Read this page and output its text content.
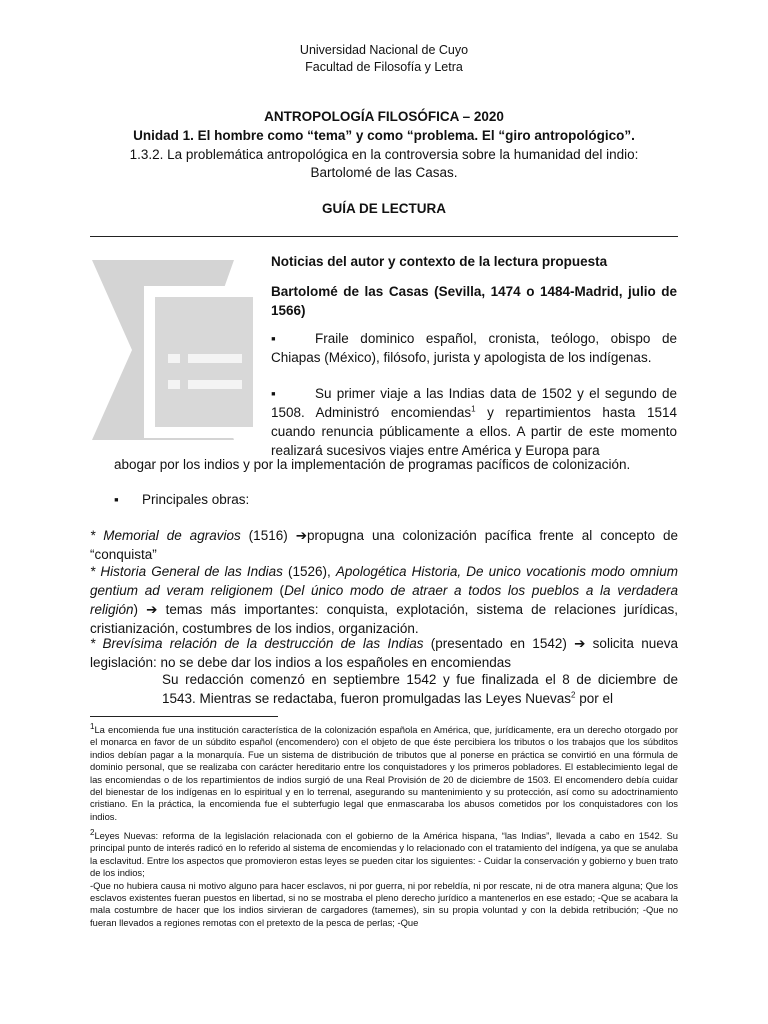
Universidad Nacional de Cuyo
Facultad de Filosofía y Letra
ANTROPOLOGÍA FILOSÓFICA – 2020
Unidad 1. El hombre como “tema” y como “problema. El “giro antropológico”.
1.3.2. La problemática antropológica en la controversia sobre la humanidad del indio:
Bartolomé de las Casas.
GUÍA DE LECTURA
Noticias del autor y contexto de la lectura propuesta
Bartolomé de las Casas (Sevilla, 1474 o 1484-Madrid, julio de 1566)
▪	Fraile dominico español, cronista, teólogo, obispo de Chiapas (México), filósofo, jurista y apologista de los indígenas.
▪	Su primer viaje a las Indias data de 1502 y el segundo de 1508. Administró encomiendas$^1$ y repartimientos hasta 1514 cuando renuncia públicamente a ellos. A partir de este momento realizará sucesivos viajes entre América y Europa para
abogar por los indios y por la implementación de programas pacíficos de colonización.
▪ Principales obras:
* Memorial de agravios (1516) ➔propugna una colonización pacífica frente al concepto de “conquista”
* Historia General de las Indias (1526), Apologética Historia, De unico vocationis modo omnium gentium ad veram religionem (Del único modo de atraer a todos los pueblos a la verdadera religión) ➔ temas más importantes: conquista, explotación, sistema de relaciones jurídicas, cristianización, costumbres de los indios, organización.
* Brevísima relación de la destrucción de las Indias (presentado en 1542) ➔ solicita nueva legislación: no se debe dar los indios a los españoles en encomiendas
Su redacción comenzó en septiembre 1542 y fue finalizada el 8 de diciembre de 1543. Mientras se redactaba, fueron promulgadas las Leyes Nuevas$^2$ por el
$^1$La encomienda fue una institución característica de la colonización española en América, que, jurídicamente, era un derecho otorgado por el monarca en favor de un súbdito español (encomendero) con el objeto de que éste percibiera los tributos o los trabajos que los súbditos indios debían pagar a la monarquía. Fue un sistema de distribución de tributos que al ponerse en práctica se convirtió en una fórmula de dominio personal, que se realizaba con carácter hereditario entre los conquistadores y los primeros pobladores. El establecimiento legal de las encomiendas o de los repartimientos de indios surgió de una Real Provisión de 20 de diciembre de 1503. El encomendero debía cuidar del bienestar de los indígenas en lo espiritual y en lo terrenal, asegurando su mantenimiento y su protección, así como su adoctrinamiento cristiano. En la práctica, la encomienda fue el subterfugio legal que enmascaraba los abusos cometidos por los conquistadores con los indios.
$^2$Leyes Nuevas: reforma de la legislación relacionada con el gobierno de la América hispana, “las Indias”, llevada a cabo en 1542. Su principal punto de interés radicó en lo referido al sistema de encomiendas y lo relacionado con el tratamiento del indígena, ya que se anulaba la esclavitud. Entre los aspectos que promovieron estas leyes se pueden citar los siguientes: - Cuidar la conservación y gobierno y buen trato de los indios;
-Que no hubiera causa ni motivo alguno para hacer esclavos, ni por guerra, ni por rebeldía, ni por rescate, ni de otra manera alguna; Que los esclavos existentes fueran puestos en libertad, si no se mostraba el pleno derecho jurídico a mantenerlos en ese estado; -Que se acabara la mala costumbre de hacer que los indios sirvieran de cargadores (tamemes), sin su propia voluntad y con la debida retribución; -Que no fueran llevados a regiones remotas con el pretexto de la pesca de perlas; -Que
